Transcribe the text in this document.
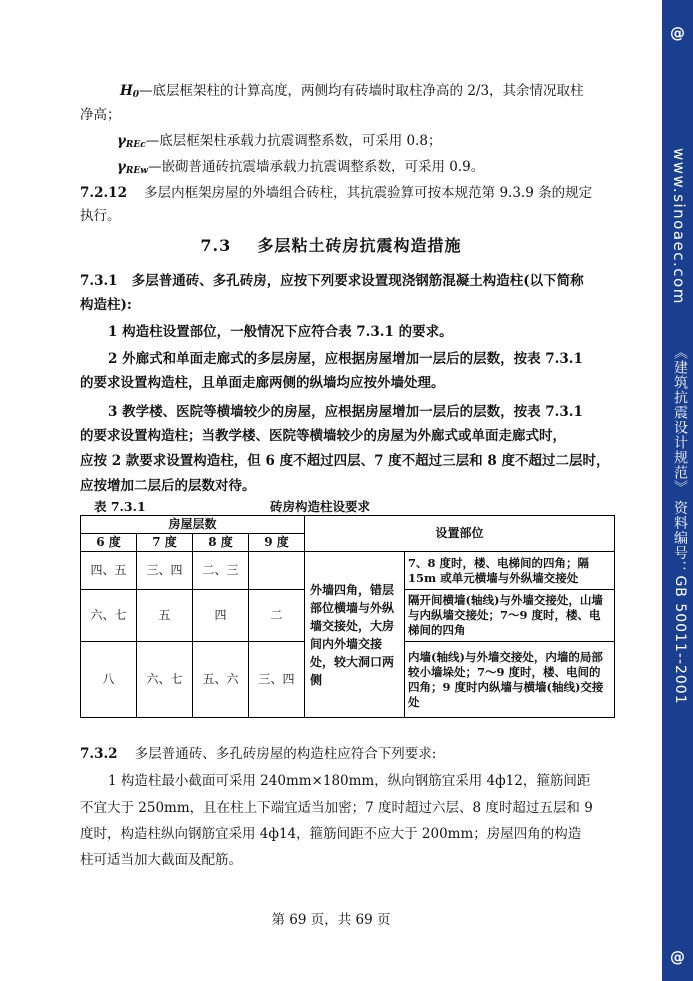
$H_0—$底层框架柱的计算高度，两侧均有砖墙时取柱净高的 2/3，其余情况取柱
净高；
$\gamma_{REc}—$底层框架柱承载力抗震调整系数，可采用 0.8；
$\gamma_{REw}—$嵌砌普通砖抗震墙承载力抗震调整系数，可采用 0.9。
7.2.12 多层内框架房屋的外墙组合砖柱，其抗震验算可按本规范第 9.3.9 条的规定
执行。
7.3 多层粘土砖房抗震构造措施
7.3.1 多层普通砖、多孔砖房，应按下列要求设置现浇钢筋混凝土构造柱(以下简称
构造柱):
1 构造柱设置部位，一般情况下应符合表 7.3.1 的要求。
2 外廊式和单面走廊式的多层房屋，应根据房屋增加一层后的层数，按表 7.3.1
的要求设置构造柱，且单面走廊两侧的纵墙均应按外墙处理。
3 教学楼、医院等横墙较少的房屋，应根据房屋增加一层后的层数，按表 7.3.1
的要求设置构造柱；当教学楼、医院等横墙较少的房屋为外廊式或单面走廊式时，
应按 2 款要求设置构造柱，但 6 度不超过四层、7 度不超过三层和 8 度不超过二层时，
应按增加二层后的层数对待。
表 7.3.1	砖房构造柱设要求
房屋层数				设置部位	
6 度	7 度	8 度	9 度		
四、五	三、四	二、三		外墙四角，错层部位横墙与外纵墙交接处，大房间内外墙交接处，较大洞口两侧	7、8 度时，楼、电梯间的四角；隔15m 或单元横墙与外纵墙交接处
六、七	五	四	二		隔开间横墙(轴线)与外墙交接处，山墙与内纵墙交接处；7～9 度时，楼、电梯间的四角
八	六、七	五、六	三、四		内墙(轴线)与外墙交接处，内墙的局部较小墙垛处；7～9 度时，楼、电间的四角；9 度时内纵墙与横墙(轴线)交接处
7.3.2 多层普通砖、多孔砖房屋的构造柱应符合下列要求:
1 构造柱最小截面可采用 240mm×180mm，纵向钢筋宜采用 4ф12，箍筋间距
不宜大于 250mm，且在柱上下端宜适当加密；7 度时超过六层、8 度时超过五层和 9
度时，构造柱纵向钢筋宜采用 4ф14，箍筋间距不应大于 200mm；房屋四角的构造
柱可适当加大截面及配筋。
第 69 页，共 69 页
@
www.sinoaec.com
《建筑抗震设计规范》 资料编号：GB 50011--2001
@
